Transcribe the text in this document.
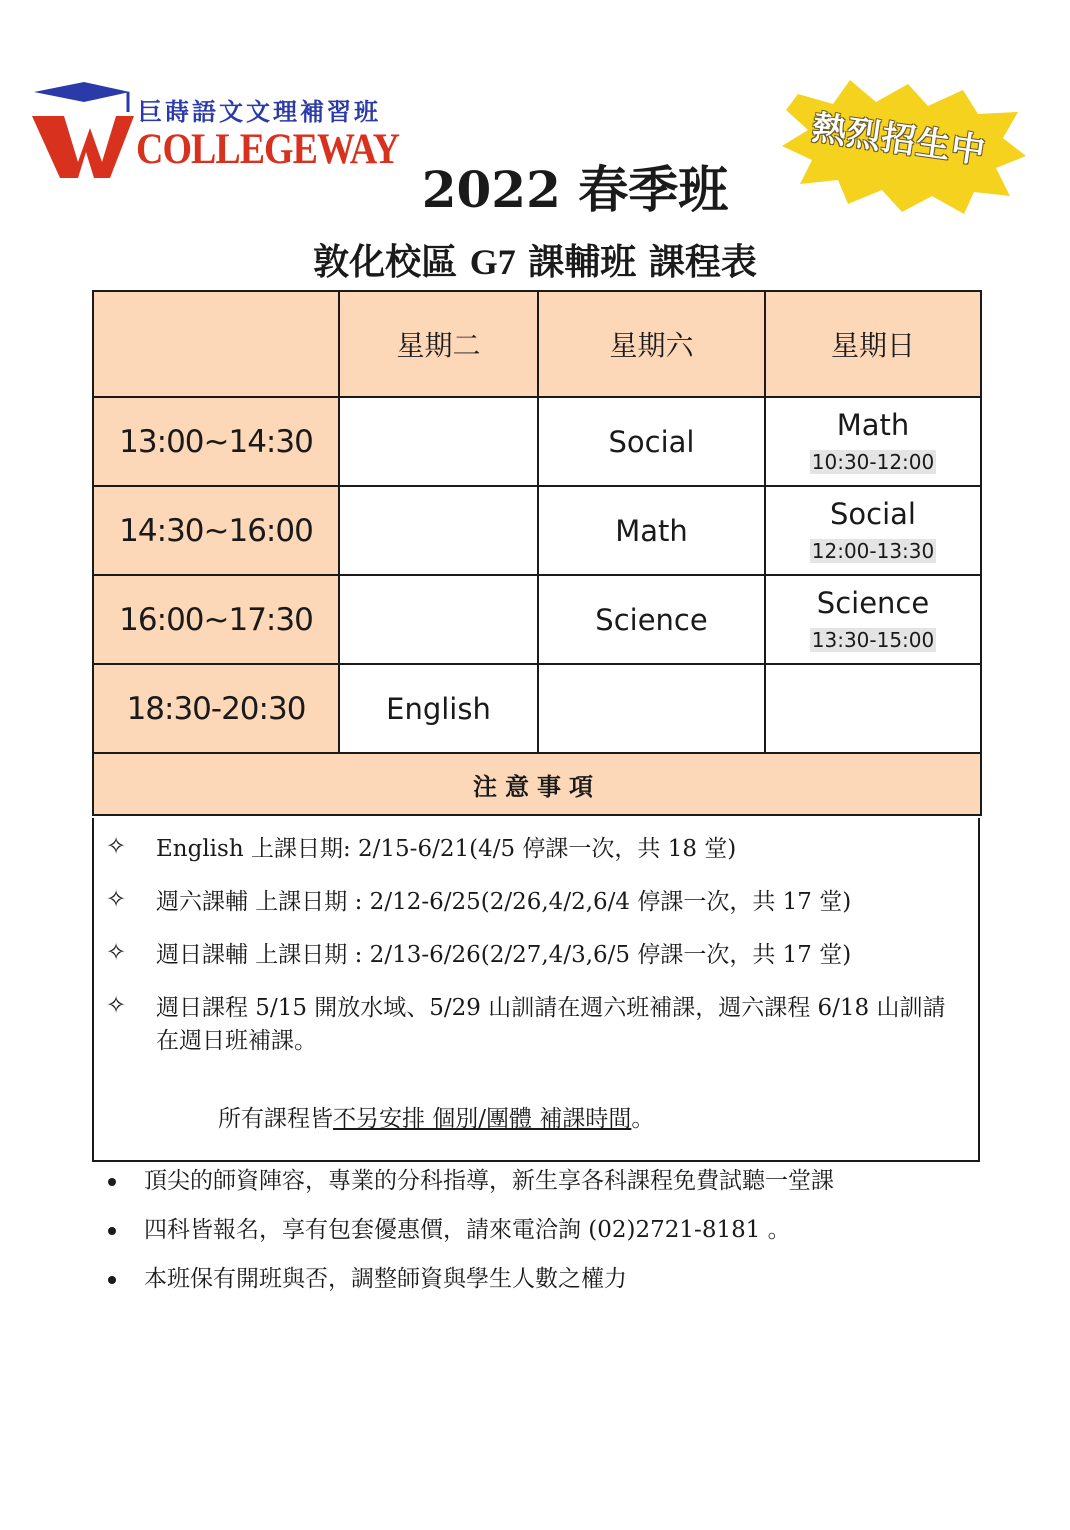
巨蒔語文文理補習班
COLLEGEWAY	熱烈招生中
2022 春季班
敦化校區 G7 課輔班 課程表
	星期二	星期六	星期日
13:00~14:30		Social	Math
10:30-12:00
14:30~16:00		Math	Social
12:00-13:30
16:00~17:30		Science	Science
13:30-15:00
18:30-20:30	English		
注意事項			
✧ English 上課日期: 2/15-6/21(4/5 停課一次，共 18 堂)
✧ 週六課輔 上課日期 : 2/12-6/25(2/26,4/2,6/4 停課一次，共 17 堂)
✧ 週日課輔 上課日期 : 2/13-6/26(2/27,4/3,6/5 停課一次，共 17 堂)
✧ 週日課程 5/15 開放水域、5/29 山訓請在週六班補課，週六課程 6/18 山訓請在週日班補課。
所有課程皆不另安排 個別/團體 補課時間。
頂尖的師資陣容，專業的分科指導，新生享各科課程免費試聽一堂課
四科皆報名，享有包套優惠價，請來電洽詢 (02)2721-8181 。
本班保有開班與否，調整師資與學生人數之權力
